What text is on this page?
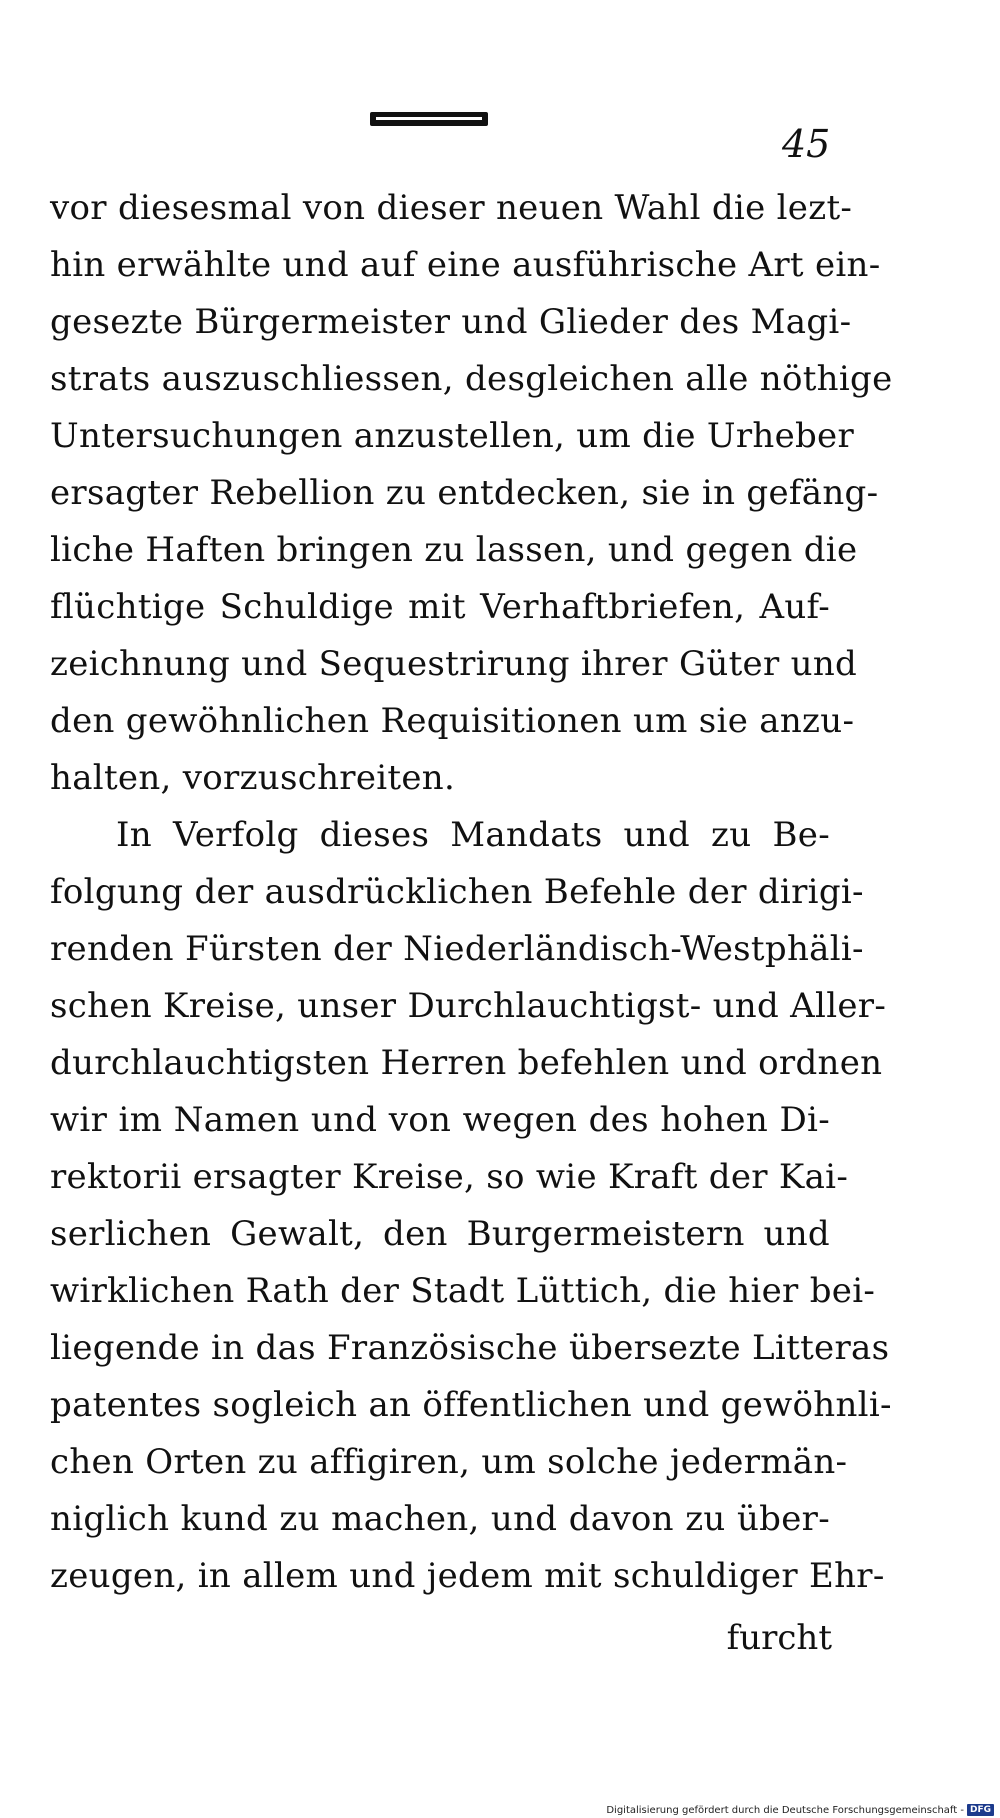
45
vor diesesmal von dieser neuen Wahl die lezt-
hin erwählte und auf eine ausführische Art ein-
gesezte Bürgermeister und Glieder des Magi-
strats auszuschliessen, desgleichen alle nöthige
Untersuchungen anzustellen, um die Urheber
ersagter Rebellion zu entdecken, sie in gefäng-
liche Haften bringen zu lassen, und gegen die
flüchtige Schuldige mit Verhaftbriefen, Auf-
zeichnung und Sequestrirung ihrer Güter und
den gewöhnlichen Requisitionen um sie anzu-
halten, vorzuschreiten.
In Verfolg dieses Mandats und zu Be-
folgung der ausdrücklichen Befehle der dirigi-
renden Fürsten der Niederländisch-Westphäli-
schen Kreise, unser Durchlauchtigst- und Aller-
durchlauchtigsten Herren befehlen und ordnen
wir im Namen und von wegen des hohen Di-
rektorii ersagter Kreise, so wie Kraft der Kai-
serlichen Gewalt, den Burgermeistern und
wirklichen Rath der Stadt Lüttich, die hier bei-
liegende in das Französische übersezte Litteras
patentes sogleich an öffentlichen und gewöhnli-
chen Orten zu affigiren, um solche jedermän-
niglich kund zu machen, und davon zu über-
zeugen, in allem und jedem mit schuldiger Ehr-
furcht
Digitalisierung gefördert durch die Deutsche Forschungsgemeinschaft - DFG
